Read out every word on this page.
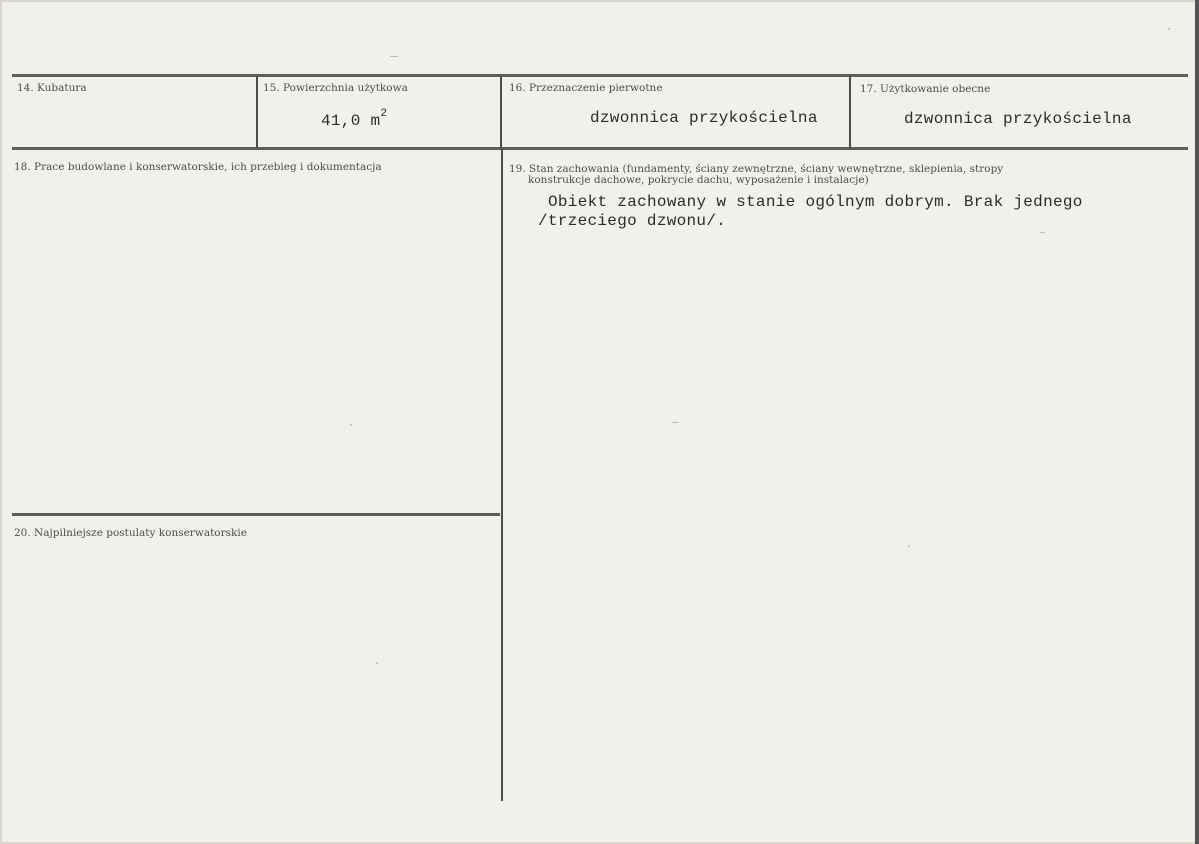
14. Kubatura	15. Powierzchnia użytkowa
41,0 $m^2$
16. Przeznaczenie pierwotne
dzwonnica przykościelna
17. Użytkowanie obecne
dzwonnica przykościelna
18. Prace budowlane i konserwatorskie, ich przebieg i dokumentacja	19. Stan zachowania (fundamenty, ściany zewnętrzne, ściany wewnętrzne, sklepienia, stropy
konstrukcje dachowe, pokrycie dachu, wyposażenie i instalacje)
Obiekt zachowany w stanie ogólnym dobrym. Brak jednego
/trzeciego dzwonu/.
20. Najpilniejsze postulaty konserwatorskie
